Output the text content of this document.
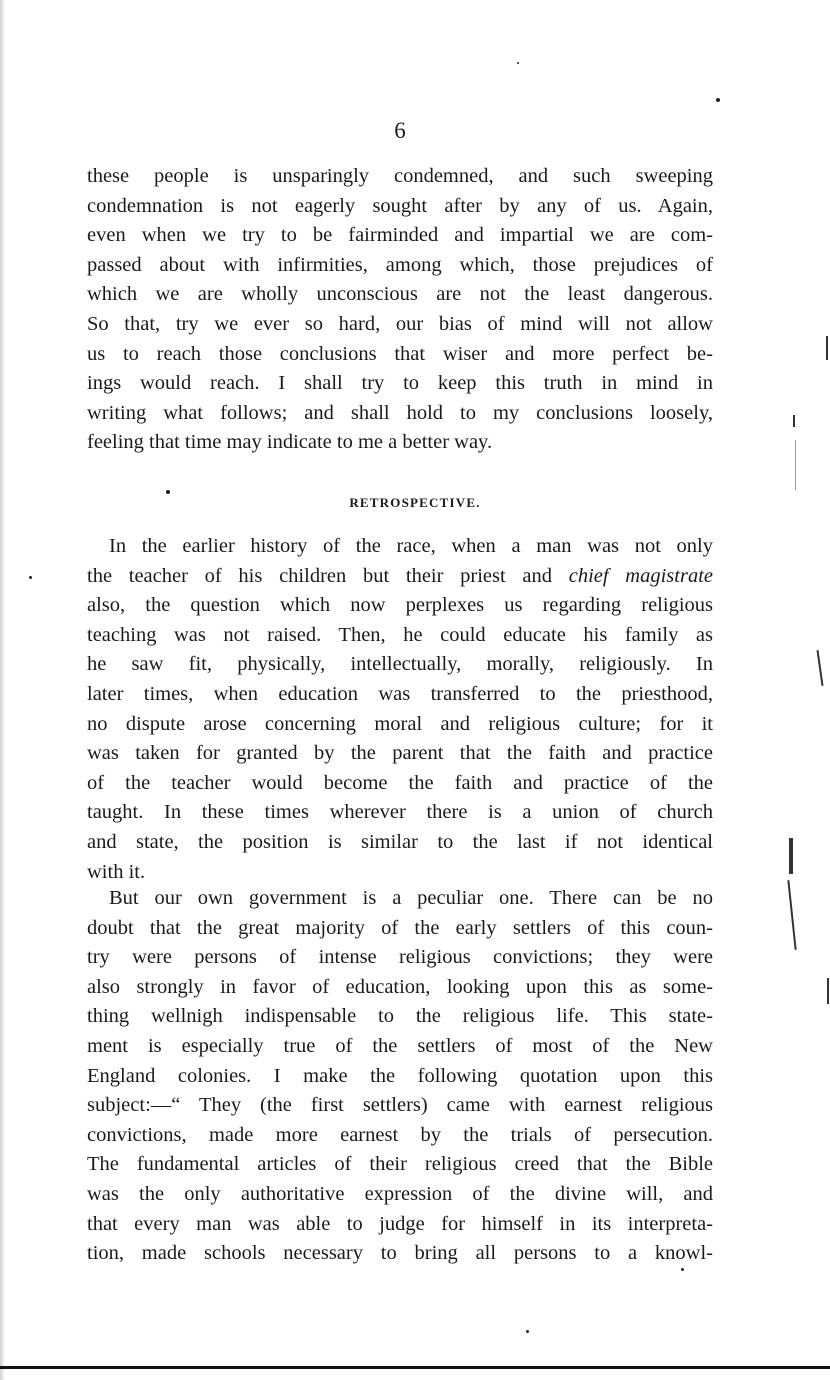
6
these people is unsparingly condemned, and such sweeping
condemnation is not eagerly sought after by any of us. Again,
even when we try to be fairminded and impartial we are com-
passed about with infirmities, among which, those prejudices of
which we are wholly unconscious are not the least dangerous.
So that, try we ever so hard, our bias of mind will not allow
us to reach those conclusions that wiser and more perfect be-
ings would reach. I shall try to keep this truth in mind in
writing what follows; and shall hold to my conclusions loosely,
feeling that time may indicate to me a better way.
RETROSPECTIVE.
In the earlier history of the race, when a man was not only
the teacher of his children but their priest and chief magistrate
also, the question which now perplexes us regarding religious
teaching was not raised. Then, he could educate his family as
he saw fit, physically, intellectually, morally, religiously. In
later times, when education was transferred to the priesthood,
no dispute arose concerning moral and religious culture; for it
was taken for granted by the parent that the faith and practice
of the teacher would become the faith and practice of the
taught. In these times wherever there is a union of church
and state, the position is similar to the last if not identical
with it.
But our own government is a peculiar one. There can be no
doubt that the great majority of the early settlers of this coun-
try were persons of intense religious convictions; they were
also strongly in favor of education, looking upon this as some-
thing wellnigh indispensable to the religious life. This state-
ment is especially true of the settlers of most of the New
England colonies. I make the following quotation upon this
subject:—“ They (the first settlers) came with earnest religious
convictions, made more earnest by the trials of persecution.
The fundamental articles of their religious creed that the Bible
was the only authoritative expression of the divine will, and
that every man was able to judge for himself in its interpreta-
tion, made schools necessary to bring all persons to a knowl-
